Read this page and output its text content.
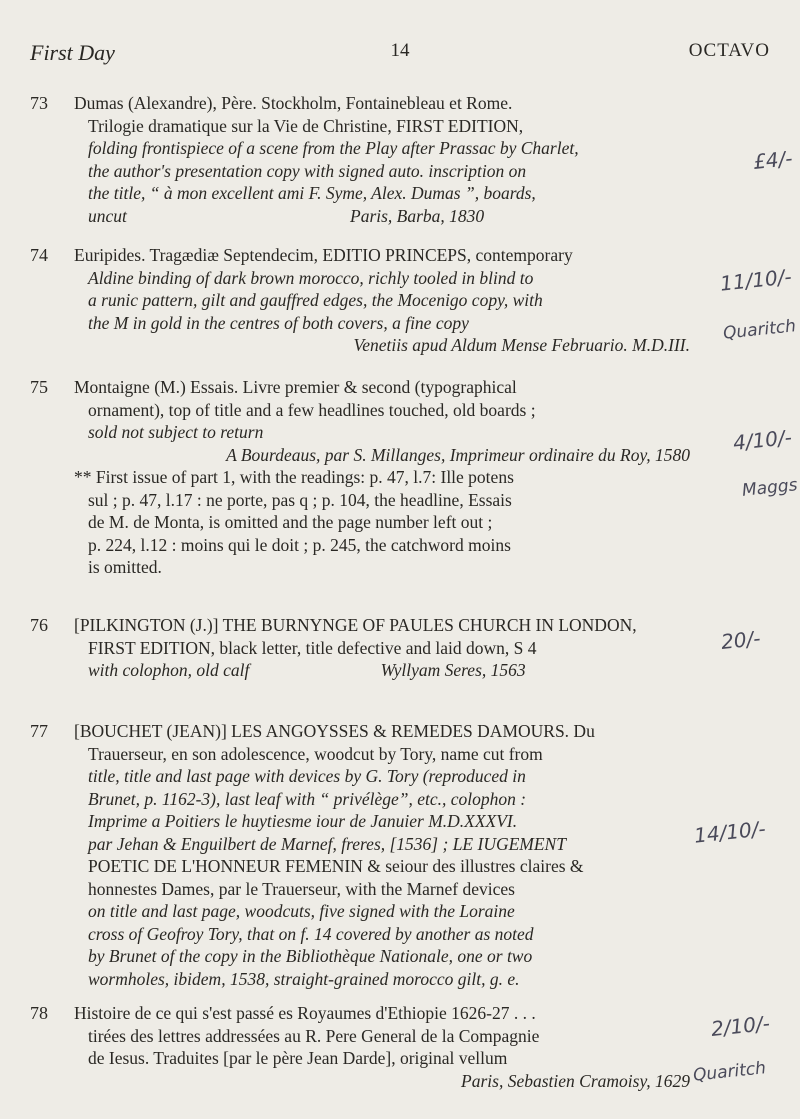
First Day	14	OCTAVO
73	Dumas (Alexandre), Père. Stockholm, Fontainebleau et Rome.
Trilogie dramatique sur la Vie de Christine, FIRST EDITION,
folding frontispiece of a scene from the Play after Prassac by Charlet,
the author's presentation copy with signed auto. inscription on
the title, “ à mon excellent ami F. Syme, Alex. Dumas ”, boards,
uncut                                                   Paris, Barba, 1830
£4/-
74	Euripides. Tragædiæ Septendecim, EDITIO PRINCEPS, contemporary
Aldine binding of dark brown morocco, richly tooled in blind to
a runic pattern, gilt and gauffred edges, the Mocenigo copy, with
the M in gold in the centres of both covers, a fine copy
Venetiis apud Aldum Mense Februario. M.D.III.
11/10/-
Quaritch
75	Montaigne (M.) Essais. Livre premier & second (typographical
ornament), top of title and a few headlines touched, old boards ;
sold not subject to return
A Bourdeaus, par S. Millanges, Imprimeur ordinaire du Roy, 1580
** First issue of part 1, with the readings: p. 47, l.7: Ille potens
sul ; p. 47, l.17 : ne porte, pas q ; p. 104, the headline, Essais
de M. de Monta, is omitted and the page number left out ;
p. 224, l.12 : moins qui le doit ; p. 245, the catchword moins
is omitted.
4/10/-
Maggs
76	[PILKINGTON (J.)] THE BURNYNGE OF PAULES CHURCH IN LONDON,
FIRST EDITION, black letter, title defective and laid down, S 4
with colophon, old calf                              Wyllyam Seres, 1563
20/-
77	[BOUCHET (JEAN)] LES ANGOYSSES & REMEDES DAMOURS. Du
Trauerseur, en son adolescence, woodcut by Tory, name cut from
title, title and last page with devices by G. Tory (reproduced in
Brunet, p. 1162-3), last leaf with “ privélège”, etc., colophon :
Imprime a Poitiers le huytiesme iour de Januier M.D.XXXVI.
par Jehan & Enguilbert de Marnef, freres, [1536] ; LE IUGEMENT
POETIC DE L'HONNEUR FEMENIN & seiour des illustres claires &
honnestes Dames, par le Trauerseur, with the Marnef devices
on title and last page, woodcuts, five signed with the Loraine
cross of Geofroy Tory, that on f. 14 covered by another as noted
by Brunet of the copy in the Bibliothèque Nationale, one or two
wormholes, ibidem, 1538, straight-grained morocco gilt, g. e.
14/10/-
78	Histoire de ce qui s'est passé es Royaumes d'Ethiopie 1626-27 . . .
tirées des lettres addressées au R. Pere General de la Compagnie
de Iesus. Traduites [par le père Jean Darde], original vellum
Paris, Sebastien Cramoisy, 1629
2/10/-
Quaritch
